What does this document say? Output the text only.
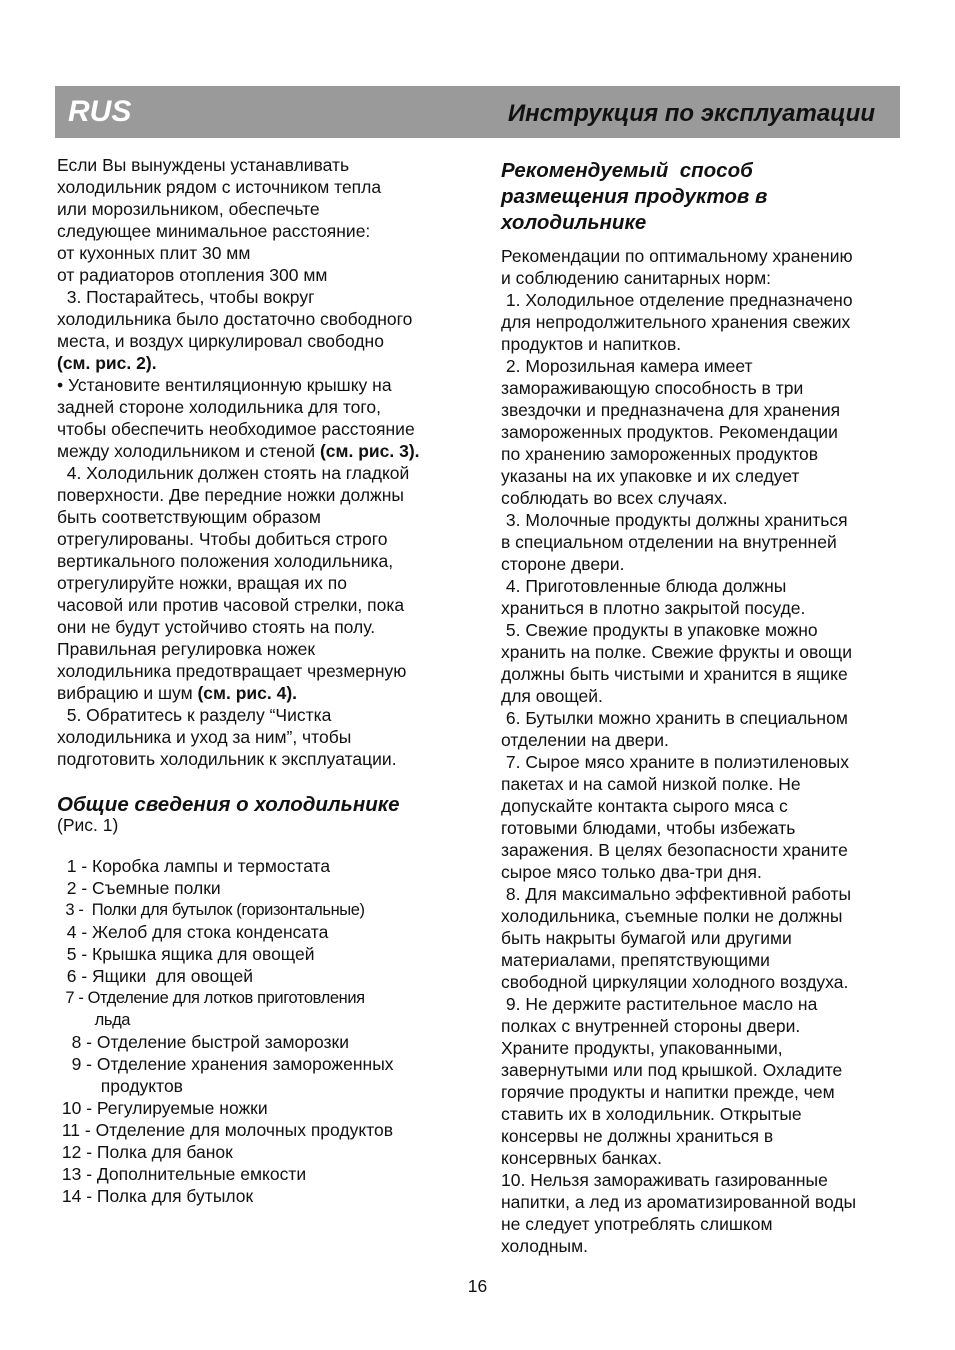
RUS	Инструкция по эксплуатации
Если Вы вынуждены устанавливать
холодильник рядом с источником тепла
или морозильником, обеспечьте
следующее минимальное расстояние:
от кухонных плит 30 мм
от радиаторов отопления 300 мм
3. Постарайтесь, чтобы вокруг
холодильника было достаточно свободного
места, и воздух циркулировал свободно
(см. рис. 2).
• Установите вентиляционную крышку на
задней стороне холодильника для того,
чтобы обеспечить необходимое расстояние
между холодильником и стеной (см. рис. 3).
4. Холодильник должен стоять на гладкой
поверхности. Две передние ножки должны
быть соответствующим образом
отрегулированы. Чтобы добиться строго
вертикального положения холодильника,
отрегулируйте ножки, вращая их по
часовой или против часовой стрелки, пока
они не будут устойчиво стоять на полу.
Правильная регулировка ножек
холодильника предотвращает чрезмерную
вибрацию и шум (см. рис. 4).
5. Обратитесь к разделу “Чистка
холодильника и уход за ним”, чтобы
подготовить холодильник к эксплуатации.
Общие сведения о холодильнике
(Рис. 1)
1 - Коробка лампы и термостата
2 - Съемные полки
3 -  Полки для бутылок (горизонтальные)
4 - Желоб для стока конденсата
5 - Крышка ящика для овощей
6 - Ящики  для овощей
7 - Отделение для лотков приготовления
льда
8 - Отделение быстрой заморозки
9 - Отделение хранения замороженных
продуктов
10 - Регулируемые ножки
11 - Отделение для молочных продуктов
12 - Полка для банок
13 - Дополнительные емкости
14 - Полка для бутылок
Рекомендуемый  способ
размещения продуктов в
холодильнике
Рекомендации по оптимальному хранению
и соблюдению санитарных норм:
1. Холодильное отделение предназначено
для непродолжительного хранения свежих
продуктов и напитков.
2. Морозильная камера имеет
замораживающую способность в три
звездочки и предназначена для хранения
замороженных продуктов. Рекомендации
по хранению замороженных продуктов
указаны на их упаковке и их следует
соблюдать во всех случаях.
3. Молочные продукты должны храниться
в специальном отделении на внутренней
стороне двери.
4. Приготовленные блюда должны
храниться в плотно закрытой посуде.
5. Свежие продукты в упаковке можно
хранить на полке. Свежие фрукты и овощи
должны быть чистыми и хранится в ящике
для овощей.
6. Бутылки можно хранить в специальном
отделении на двери.
7. Сырое мясо храните в полиэтиленовых
пакетах и на самой низкой полке. Не
допускайте контакта сырого мяса с
готовыми блюдами, чтобы избежать
заражения. В целях безопасности храните
сырое мясо только два-три дня.
8. Для максимально эффективной работы
холодильника, съемные полки не должны
быть накрыты бумагой или другими
материалами, препятствующими
свободной циркуляции холодного воздуха.
9. Не держите растительное масло на
полках с внутренней стороны двери.
Храните продукты, упакованными,
завернутыми или под крышкой. Охладите
горячие продукты и напитки прежде, чем
ставить их в холодильник. Открытые
консервы не должны храниться в
консервных банках.
10. Нельзя замораживать газированные
напитки, а лед из ароматизированной воды
не следует употреблять слишком
холодным.
16
